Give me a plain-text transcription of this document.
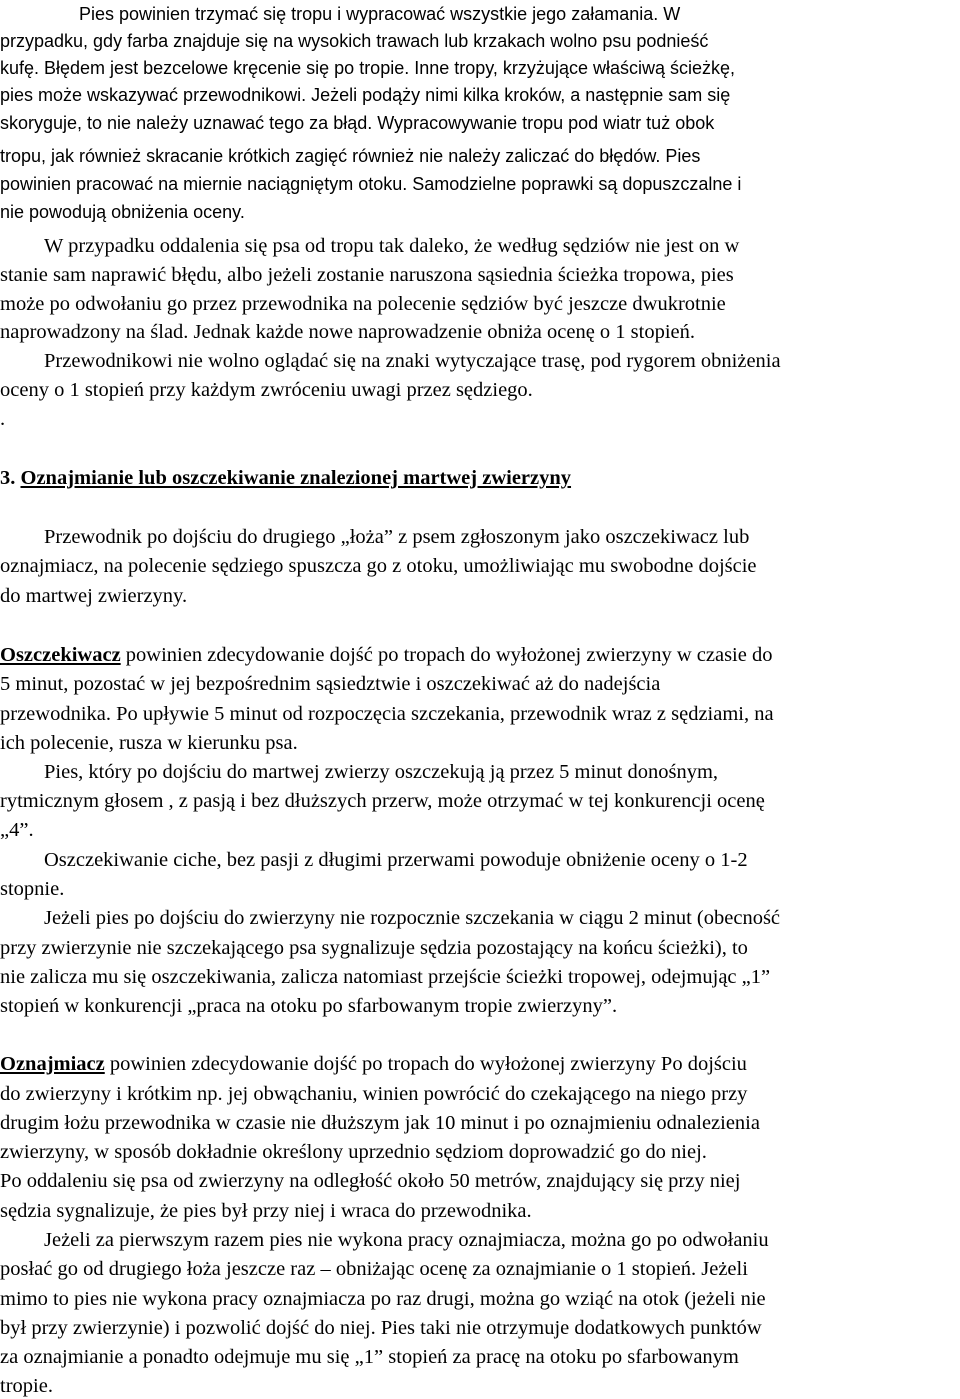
Pies powinien trzymać się tropu i wypracować wszystkie jego załamania. W

przypadku, gdy farba znajduje się na wysokich trawach lub krzakach wolno psu podnieść

kufę. Błędem jest bezcelowe kręcenie się po tropie. Inne tropy, krzyżujące właściwą ścieżkę,

pies może wskazywać przewodnikowi. Jeżeli podąży nimi kilka kroków, a następnie sam się

skoryguje, to nie należy uznawać tego za błąd. Wypracowywanie tropu pod wiatr tuż obok

tropu, jak również skracanie krótkich zagięć również nie należy zaliczać do błędów. Pies

powinien pracować na miernie naciągniętym otoku. Samodzielne poprawki są dopuszczalne i

nie powodują obniżenia oceny.

W przypadku oddalenia się psa od tropu tak daleko, że według sędziów nie jest on w

stanie sam naprawić błędu, albo jeżeli zostanie naruszona sąsiednia ścieżka tropowa, pies

może po odwołaniu go przez przewodnika na polecenie sędziów być jeszcze dwukrotnie

naprowadzony na ślad. Jednak każde nowe naprowadzenie obniża ocenę o 1 stopień.

Przewodnikowi nie wolno oglądać się na znaki wytyczające trasę, pod rygorem obniżenia

oceny o 1 stopień przy każdym zwróceniu uwagi przez sędziego.

.

3. Oznajmianie lub oszczekiwanie znalezionej martwej zwierzyny

Przewodnik po dojściu do drugiego „łoża” z psem zgłoszonym jako oszczekiwacz lub

oznajmiacz, na polecenie sędziego spuszcza go z otoku, umożliwiając mu swobodne dojście

do martwej zwierzyny.

Oszczekiwacz powinien zdecydowanie dojść po tropach do wyłożonej zwierzyny w czasie do

5 minut, pozostać w jej bezpośrednim sąsiedztwie i oszczekiwać aż do nadejścia

przewodnika. Po upływie 5 minut od rozpoczęcia szczekania, przewodnik wraz z sędziami, na

ich polecenie, rusza w kierunku psa.

Pies, który po dojściu do martwej zwierzy oszczekują ją przez 5 minut donośnym,

rytmicznym głosem , z pasją i bez dłuższych przerw, może otrzymać w tej konkurencji ocenę

„4”.

Oszczekiwanie ciche, bez pasji z długimi przerwami powoduje obniżenie oceny o 1-2

stopnie.

Jeżeli pies po dojściu do zwierzyny nie rozpocznie szczekania w ciągu 2 minut (obecność

przy zwierzynie nie szczekającego psa sygnalizuje sędzia pozostający na końcu ścieżki), to

nie zalicza mu się oszczekiwania, zalicza natomiast przejście ścieżki tropowej, odejmując „1”

stopień w konkurencji „praca na otoku po sfarbowanym tropie zwierzyny”.

Oznajmiacz powinien zdecydowanie dojść po tropach do wyłożonej zwierzyny Po dojściu

do zwierzyny i krótkim np. jej obwąchaniu, winien powrócić do czekającego na niego przy

drugim łożu przewodnika w czasie nie dłuższym jak 10 minut i po oznajmieniu odnalezienia

zwierzyny, w sposób dokładnie określony uprzednio sędziom doprowadzić go do niej.

Po oddaleniu się psa od zwierzyny na odległość około 50 metrów, znajdujący się przy niej

sędzia sygnalizuje, że pies był przy niej i wraca do przewodnika.

Jeżeli za pierwszym razem pies nie wykona pracy oznajmiacza, można go po odwołaniu

posłać go od drugiego łoża jeszcze raz – obniżając ocenę za oznajmianie o 1 stopień. Jeżeli

mimo to pies nie wykona pracy oznajmiacza po raz drugi, można go wziąć na otok (jeżeli nie

był przy zwierzynie) i pozwolić dojść do niej. Pies taki nie otrzymuje dodatkowych punktów

za oznajmianie a ponadto odejmuje mu się „1” stopień za pracę na otoku po sfarbowanym

tropie.
